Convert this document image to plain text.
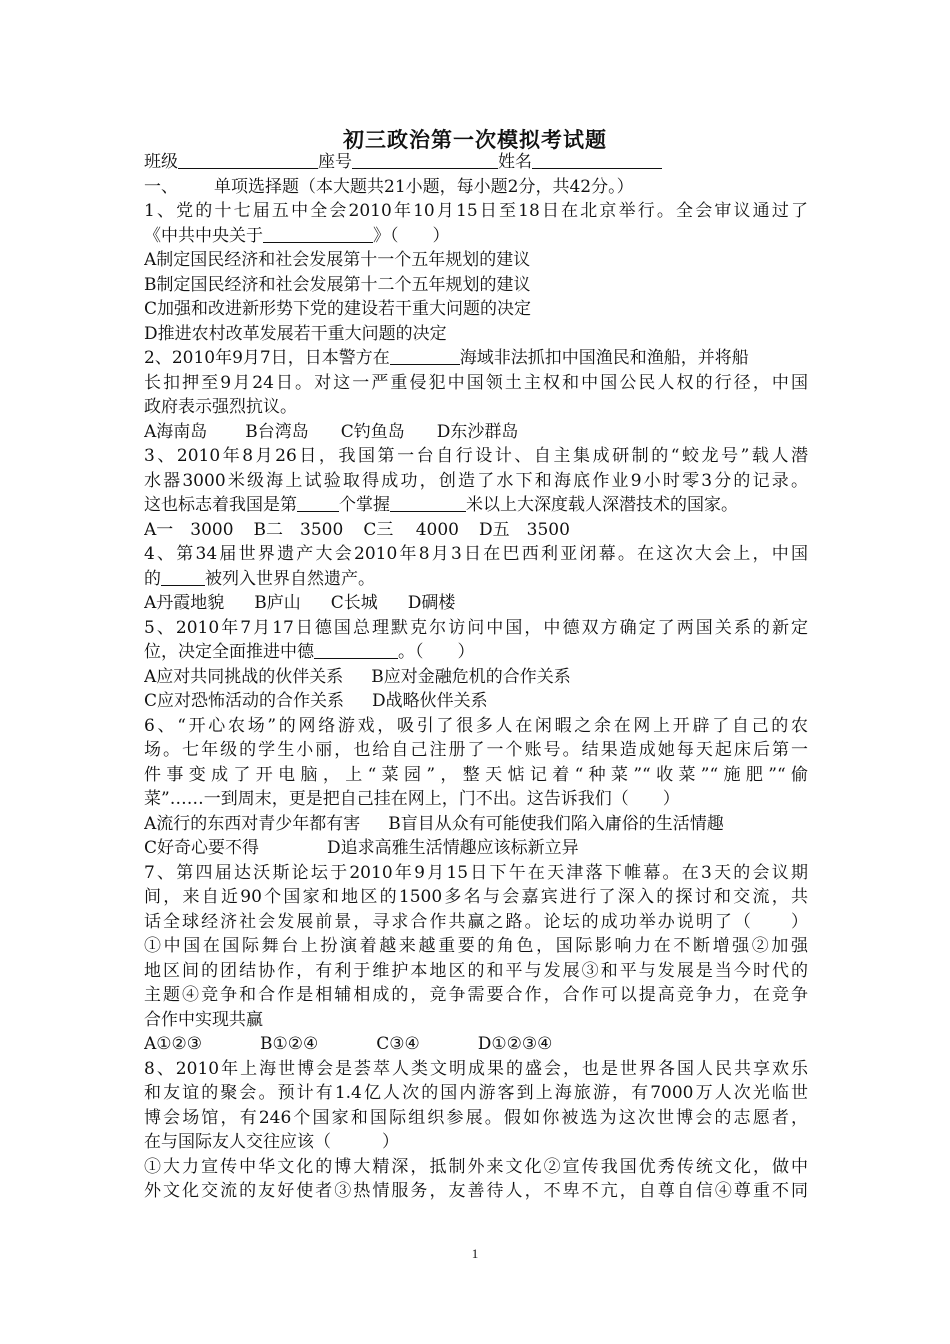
初三政治第一次模拟考试题
班级	座号	姓名
一、 单项选择题（本大题共21小题，每小题2分，共42分。）
1、党的十七届五中全会2010年10月15日至18日在北京举行。全会审议通过了
《中共中央关于	》（　　）
A制定国民经济和社会发展第十一个五年规划的建议
B制定国民经济和社会发展第十二个五年规划的建议
C加强和改进新形势下党的建设若干重大问题的决定
D推进农村改革发展若干重大问题的决定
2、2010年9月7日，日本警方在	海域非法抓扣中国渔民和渔船，并将船
长扣押至9月24日。对这一严重侵犯中国领土主权和中国公民人权的行径，中国
政府表示强烈抗议。
A海南岛 B台湾岛 C钓鱼岛 D东沙群岛
3、2010年8月26日，我国第一台自行设计、自主集成研制的“蛟龙号”载人潜
水器3000米级海上试验取得成功，创造了水下和海底作业9小时零3分的记录。
这也标志着我国是第 个掌握	米以上大深度载人深潜技术的国家。
A一　3000 B二　3500 C三　 4000 D五　3500
4、第34届世界遗产大会2010年8月3日在巴西利亚闭幕。在这次大会上，中国
的	被列入世界自然遗产。
A丹霞地貌 B庐山 C长城 D碉楼
5、2010年7月17日德国总理默克尔访问中国，中德双方确定了两国关系的新定
位，决定全面推进中德	。（　　）
A应对共同挑战的伙伴关系 B应对金融危机的合作关系
C应对恐怖活动的合作关系 D战略伙伴关系
6、“开心农场”的网络游戏，吸引了很多人在闲暇之余在网上开辟了自己的农
场。七年级的学生小丽，也给自己注册了一个账号。结果造成她每天起床后第一
件事变成了开电脑，上“菜园”，整天惦记着“种菜”“收菜”“施肥”“偷
菜”……一到周末，更是把自己挂在网上，门不出。这告诉我们（　　）
A流行的东西对青少年都有害 B盲目从众有可能使我们陷入庸俗的生活情趣
C好奇心要不得	D追求高雅生活情趣应该标新立异
7、第四届达沃斯论坛于2010年9月15日下午在天津落下帷幕。在3天的会议期
间，来自近90个国家和地区的1500多名与会嘉宾进行了深入的探讨和交流，共
话全球经济社会发展前景，寻求合作共赢之路。论坛的成功举办说明了（　　）
①中国在国际舞台上扮演着越来越重要的角色，国际影响力在不断增强②加强
地区间的团结协作，有利于维护本地区的和平与发展③和平与发展是当今时代的
主题④竞争和合作是相辅相成的，竞争需要合作，合作可以提高竞争力，在竞争
合作中实现共赢
A①②③	B①②④	C③④	D①②③④
8、2010年上海世博会是荟萃人类文明成果的盛会，也是世界各国人民共享欢乐
和友谊的聚会。预计有1.4亿人次的国内游客到上海旅游，有7000万人次光临世
博会场馆，有246个国家和国际组织参展。假如你被选为这次世博会的志愿者，
在与国际友人交往应该（　　　）
①大力宣传中华文化的博大精深，抵制外来文化②宣传我国优秀传统文化，做中
外文化交流的友好使者③热情服务，友善待人，不卑不亢，自尊自信④尊重不同
1
